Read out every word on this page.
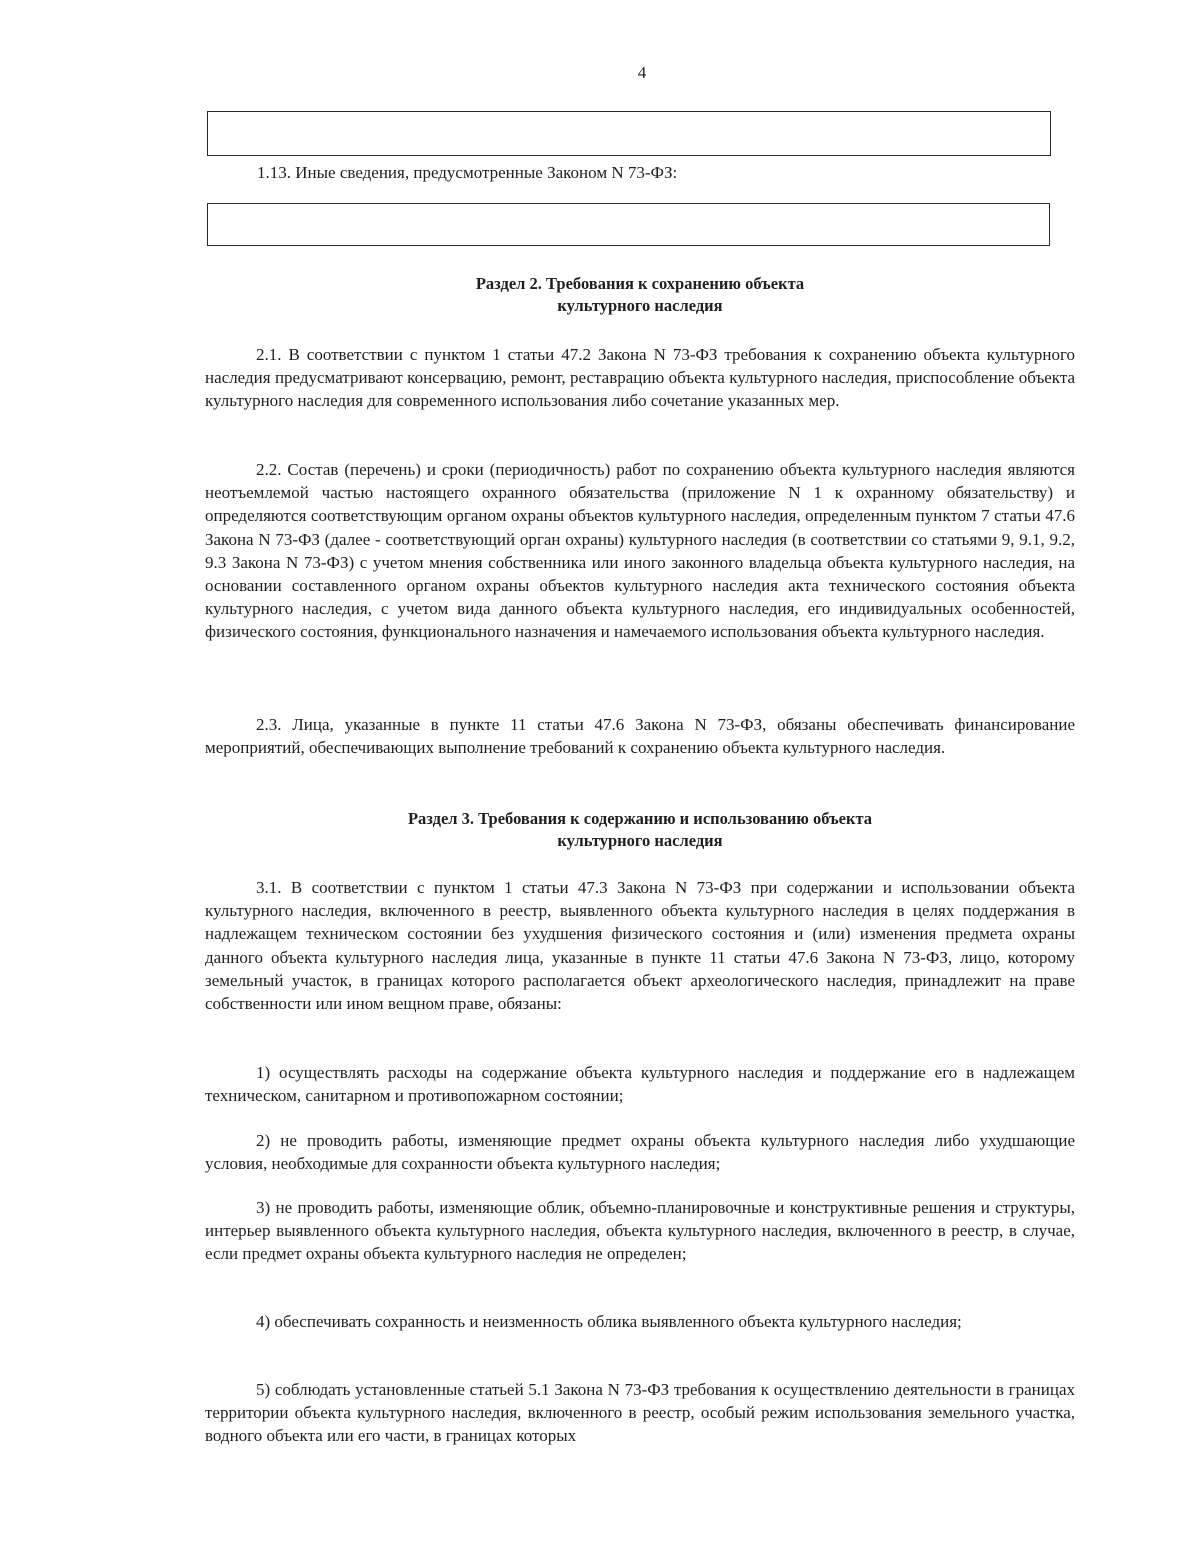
4
1.13. Иные сведения, предусмотренные Законом N 73-ФЗ:
Раздел 2. Требования к сохранению объекта
культурного наследия

2.1. В соответствии с пунктом 1 статьи 47.2 Закона N 73-ФЗ требования к сохранению объекта культурного наследия предусматривают консервацию, ремонт, реставрацию объекта культурного наследия, приспособление объекта культурного наследия для современного использования либо сочетание указанных мер.

2.2. Состав (перечень) и сроки (периодичность) работ по сохранению объекта культурного наследия являются неотъемлемой частью настоящего охранного обязательства (приложение N 1 к охранному обязательству) и определяются соответствующим органом охраны объектов культурного наследия, определенным пунктом 7 статьи 47.6 Закона N 73-ФЗ (далее - соответствующий орган охраны) культурного наследия (в соответствии со статьями 9, 9.1, 9.2, 9.3 Закона N 73-ФЗ) с учетом мнения собственника или иного законного владельца объекта культурного наследия, на основании составленного органом охраны объектов культурного наследия акта технического состояния объекта культурного наследия, с учетом вида данного объекта культурного наследия, его индивидуальных особенностей, физического состояния, функционального назначения и намечаемого использования объекта культурного наследия.

2.3. Лица, указанные в пункте 11 статьи 47.6 Закона N 73-ФЗ, обязаны обеспечивать финансирование мероприятий, обеспечивающих выполнение требований к сохранению объекта культурного наследия.

Раздел 3. Требования к содержанию и использованию объекта
культурного наследия

3.1. В соответствии с пунктом 1 статьи 47.3 Закона N 73-ФЗ при содержании и использовании объекта культурного наследия, включенного в реестр, выявленного объекта культурного наследия в целях поддержания в надлежащем техническом состоянии без ухудшения физического состояния и (или) изменения предмета охраны данного объекта культурного наследия лица, указанные в пункте 11 статьи 47.6 Закона N 73-ФЗ, лицо, которому земельный участок, в границах которого располагается объект археологического наследия, принадлежит на праве собственности или ином вещном праве, обязаны:

1) осуществлять расходы на содержание объекта культурного наследия и поддержание его в надлежащем техническом, санитарном и противопожарном состоянии;

2) не проводить работы, изменяющие предмет охраны объекта культурного наследия либо ухудшающие условия, необходимые для сохранности объекта культурного наследия;

3) не проводить работы, изменяющие облик, объемно-планировочные и конструктивные решения и структуры, интерьер выявленного объекта культурного наследия, объекта культурного наследия, включенного в реестр, в случае, если предмет охраны объекта культурного наследия не определен;

4) обеспечивать сохранность и неизменность облика выявленного объекта культурного наследия;

5) соблюдать установленные статьей 5.1 Закона N 73-ФЗ требования к осуществлению деятельности в границах территории объекта культурного наследия, включенного в реестр, особый режим использования земельного участка, водного объекта или его части, в границах которых
